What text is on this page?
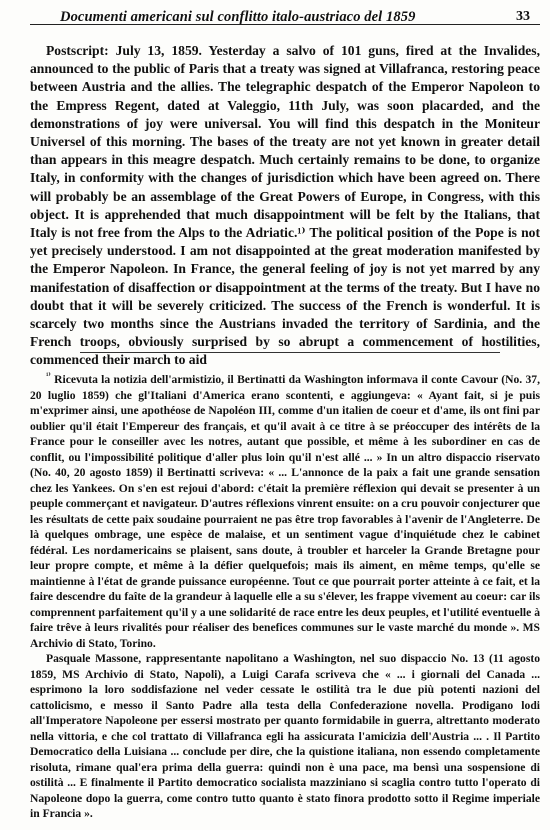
Documenti americani sul conflitto italo-austriaco del 1859	33

Postscript: July 13, 1859. Yesterday a salvo of 101 guns, fired at the Invalides, announced to the public of Paris that a treaty was signed at Villafranca, restoring peace between Austria and the allies. The telegraphic despatch of the Emperor Napoleon to the Empress Regent, dated at Valeggio, 11th July, was soon placarded, and the demonstrations of joy were universal. You will find this despatch in the Moniteur Universel of this morning. The bases of the treaty are not yet known in greater detail than appears in this meagre despatch. Much certainly remains to be done, to organize Italy, in conformity with the changes of jurisdiction which have been agreed on. There will probably be an assemblage of the Great Powers of Europe, in Congress, with this object. It is apprehended that much disappointment will be felt by the Italians, that Italy is not free from the Alps to the Adriatic.¹⁾ The political position of the Pope is not yet precisely understood. I am not disappointed at the great moderation manifested by the Emperor Napoleon. In France, the general feeling of joy is not yet marred by any manifestation of disaffection or disappointment at the terms of the treaty. But I have no doubt that it will be severely criticized. The success of the French is wonderful. It is scarcely two months since the Austrians invaded the territory of Sardinia, and the French troops, obviously surprised by so abrupt a commencement of hostilities, commenced their march to aid

$^{^{1)}}$ Ricevuta la notizia dell'armistizio, il Bertinatti da Washington informava il conte Cavour (No. 37, 20 luglio 1859) che gl'Italiani d'America erano scontenti, e aggiungeva: « Ayant fait, si je puis m'exprimer ainsi, une apothéose de Napoléon III, comme d'un italien de coeur et d'ame, ils ont fini par oublier qu'il était l'Empereur des français, et qu'il avait à ce titre à se préoccuper des intérêts de la France pour le conseiller avec les notres, autant que possible, et même à les subordiner en cas de conflit, ou l'impossibilité politique d'aller plus loin qu'il n'est allé ... » In un altro dispaccio riservato (No. 40, 20 agosto 1859) il Bertinatti scriveva: « ... L'annonce de la paix a fait une grande sensation chez les Yankees. On s'en est rejoui d'abord: c'était la première réflexion qui devait se presenter à un peuple commerçant et navigateur. D'autres réflexions vinrent ensuite: on a cru pouvoir conjecturer que les résultats de cette paix soudaine pourraient ne pas être trop favorables à l'avenir de l'Angleterre. De là quelques ombrage, une espèce de malaise, et un sentiment vague d'inquiétude chez le cabinet fédéral. Les nordamericains se plaisent, sans doute, à troubler et harceler la Grande Bretagne pour leur propre compte, et même à la défier quelquefois; mais ils aiment, en même temps, qu'elle se maintienne à l'état de grande puissance européenne. Tout ce que pourrait porter atteinte à ce fait, et la faire descendre du faîte de la grandeur à laquelle elle a su s'élever, les frappe vivement au coeur: car ils comprennent parfaitement qu'il y a une solidarité de race entre les deux peuples, et l'utilité eventuelle à faire trêve à leurs rivalités pour réaliser des benefices communes sur le vaste marché du monde ». MS Archivio di Stato, Torino.

Pasquale Massone, rappresentante napolitano a Washington, nel suo dispaccio No. 13 (11 agosto 1859, MS Archivio di Stato, Napoli), a Luigi Carafa scriveva che « ... i giornali del Canada ... esprimono la loro soddisfazione nel veder cessate le ostilità tra le due più potenti nazioni del cattolicismo, e messo il Santo Padre alla testa della Confederazione novella. Prodigano lodi all'Imperatore Napoleone per essersi mostrato per quanto formidabile in guerra, altrettanto moderato nella vittoria, e che col trattato di Villafranca egli ha assicurata l'amicizia dell'Austria ... . Il Partito Democratico della Luisiana ... conclude per dire, che la quistione italiana, non essendo completamente risoluta, rimane qual'era prima della guerra: quindi non è una pace, ma bensì una sospensione di ostilità ... E finalmente il Partito democratico socialista mazziniano si scaglia contro tutto l'operato di Napoleone dopo la guerra, come contro tutto quanto è stato finora prodotto sotto il Regime imperiale in Francia ».
